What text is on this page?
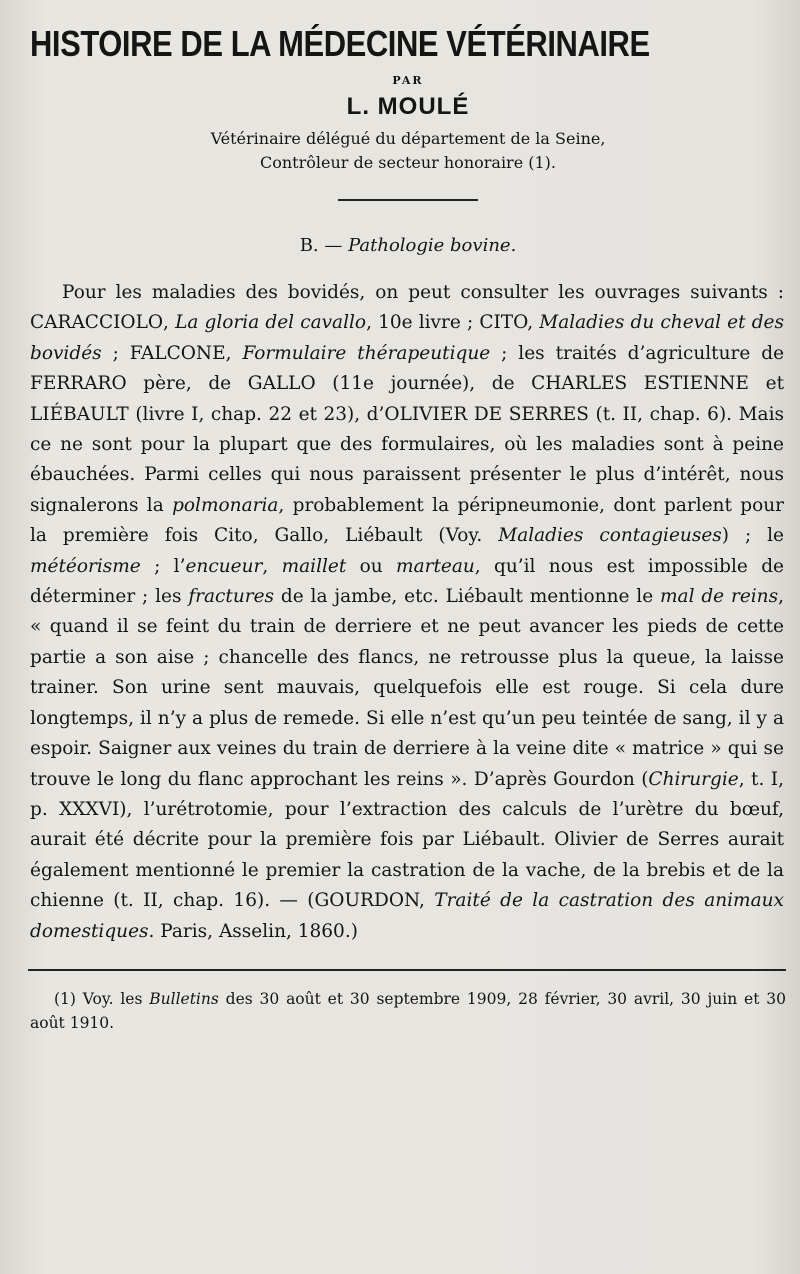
HISTOIRE DE LA MÉDECINE VÉTÉRINAIRE
PAR
L. MOULÉ
Vétérinaire délégué du département de la Seine,
Contrôleur de secteur honoraire (1).
B. — Pathologie bovine.

Pour les maladies des bovidés, on peut consulter les ouvrages suivants : CARACCIOLO, La gloria del cavallo, 10e livre ; CITO, Maladies du cheval et des bovidés ; FALCONE, Formulaire thérapeutique ; les traités d’agriculture de FERRARO père, de GALLO (11e journée), de CHARLES ESTIENNE et LIÉBAULT (livre I, chap. 22 et 23), d’OLIVIER DE SERRES (t. II, chap. 6). Mais ce ne sont pour la plupart que des formulaires, où les maladies sont à peine ébauchées. Parmi celles qui nous paraissent présenter le plus d’intérêt, nous signalerons la polmonaria, probablement la péripneumonie, dont parlent pour la première fois Cito, Gallo, Liébault (Voy. Maladies contagieuses) ; le météorisme ; l’encueur, maillet ou marteau, qu’il nous est impossible de déterminer ; les fractures de la jambe, etc. Liébault mentionne le mal de reins, « quand il se feint du train de derriere et ne peut avancer les pieds de cette partie a son aise ; chancelle des flancs, ne retrousse plus la queue, la laisse trainer. Son urine sent mauvais, quelquefois elle est rouge. Si cela dure longtemps, il n’y a plus de remede. Si elle n’est qu’un peu teintée de sang, il y a espoir. Saigner aux veines du train de derriere à la veine dite « matrice » qui se trouve le long du flanc approchant les reins ». D’après Gourdon (Chirurgie, t. I, p. XXXVI), l’urétrotomie, pour l’extraction des calculs de l’urètre du bœuf, aurait été décrite pour la première fois par Liébault. Olivier de Serres aurait également mentionné le premier la castration de la vache, de la brebis et de la chienne (t. II, chap. 16). — (GOURDON, Traité de la castration des animaux domestiques. Paris, Asselin, 1860.)

(1) Voy. les Bulletins des 30 août et 30 septembre 1909, 28 février, 30 avril, 30 juin et 30 août 1910.
